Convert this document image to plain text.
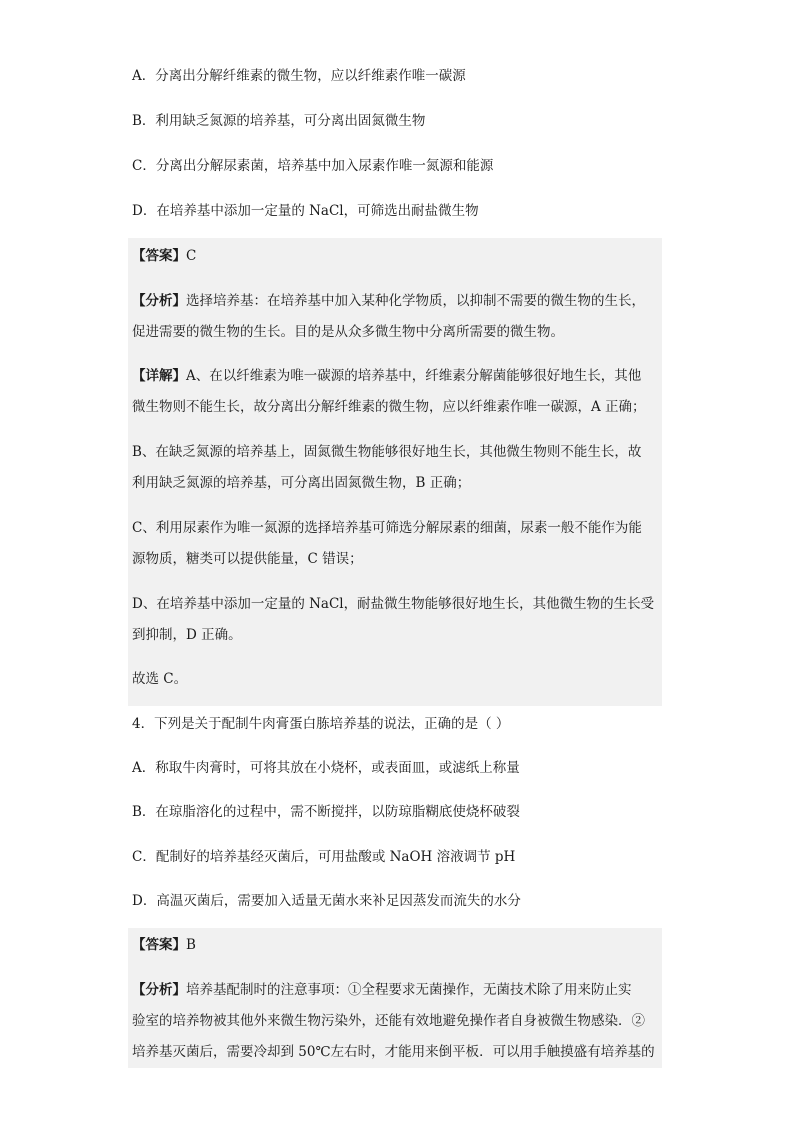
A．分离出分解纤维素的微生物，应以纤维素作唯一碳源
B．利用缺乏氮源的培养基，可分离出固氮微生物
C．分离出分解尿素菌，培养基中加入尿素作唯一氮源和能源
D．在培养基中添加一定量的 NaCl，可筛选出耐盐微生物
【答案】C
【分析】选择培养基：在培养基中加入某种化学物质，以抑制不需要的微生物的生长，
促进需要的微生物的生长。目的是从众多微生物中分离所需要的微生物。
【详解】A、在以纤维素为唯一碳源的培养基中，纤维素分解菌能够很好地生长，其他
微生物则不能生长，故分离出分解纤维素的微生物，应以纤维素作唯一碳源，A 正确；
B、在缺乏氮源的培养基上，固氮微生物能够很好地生长，其他微生物则不能生长，故
利用缺乏氮源的培养基，可分离出固氮微生物，B 正确；
C、利用尿素作为唯一氮源的选择培养基可筛选分解尿素的细菌，尿素一般不能作为能
源物质，糖类可以提供能量，C 错误；
D、在培养基中添加一定量的 NaCl，耐盐微生物能够很好地生长，其他微生物的生长受
到抑制，D 正确。
故选 C。
4．下列是关于配制牛肉膏蛋白胨培养基的说法，正确的是（ ）
A．称取牛肉膏时，可将其放在小烧杯，或表面皿，或滤纸上称量
B．在琼脂溶化的过程中，需不断搅拌，以防琼脂糊底使烧杯破裂
C．配制好的培养基经灭菌后，可用盐酸或 NaOH 溶液调节 pH
D．高温灭菌后，需要加入适量无菌水来补足因蒸发而流失的水分
【答案】B
【分析】培养基配制时的注意事项：①全程要求无菌操作，无菌技术除了用来防止实
验室的培养物被其他外来微生物污染外，还能有效地避免操作者自身被微生物感染．②
培养基灭菌后，需要冷却到 50℃左右时，才能用来倒平板．可以用手触摸盛有培养基的
